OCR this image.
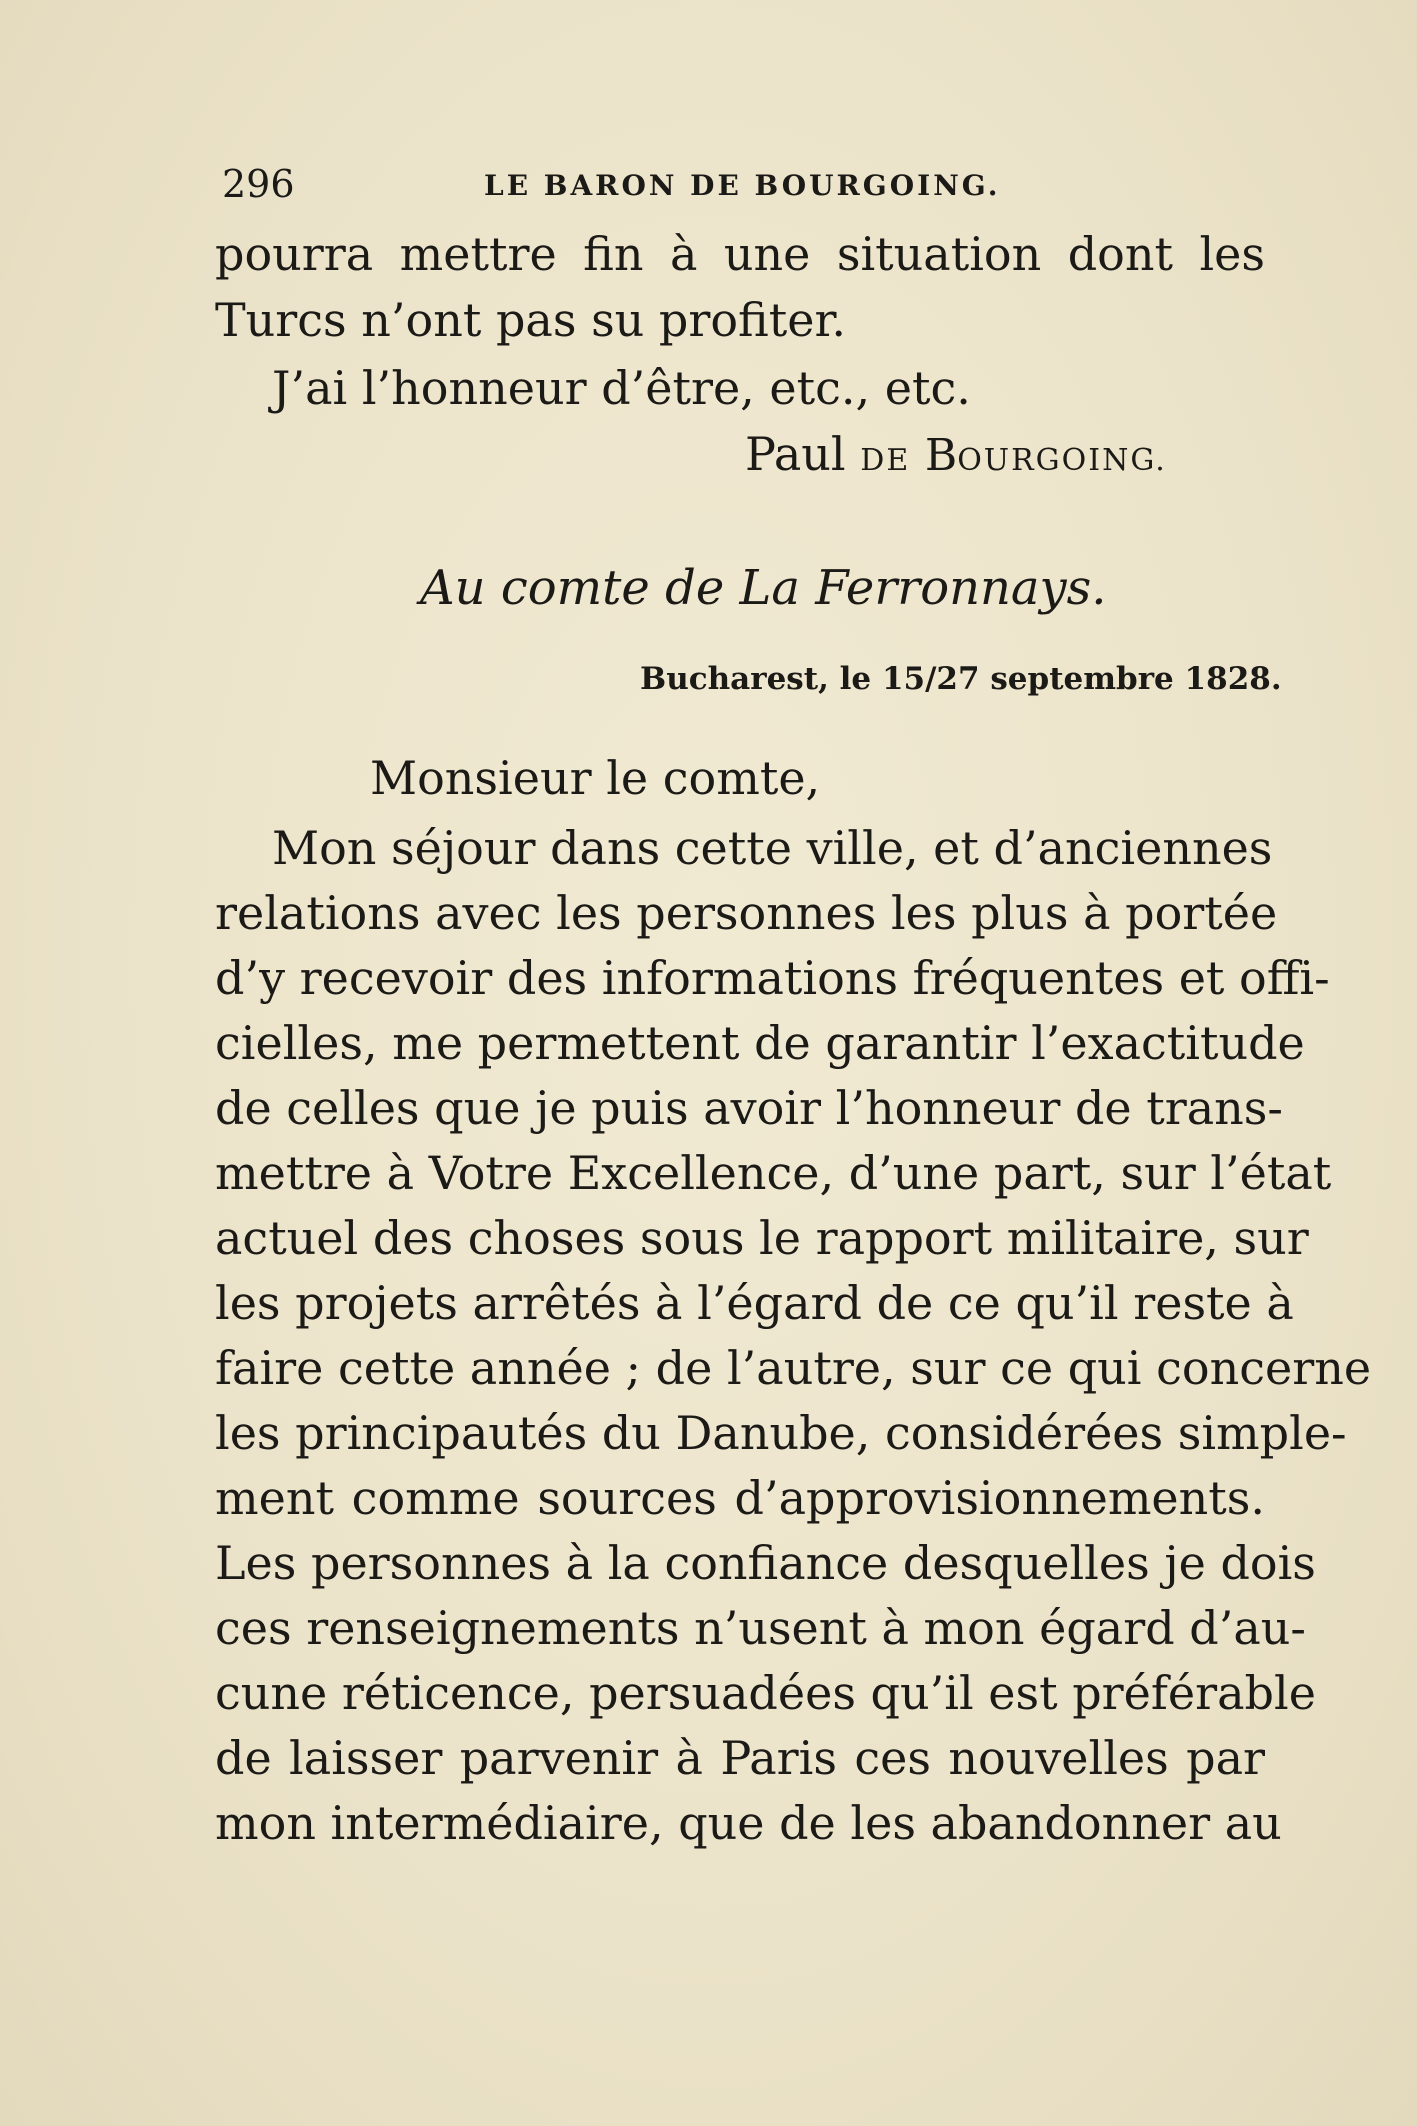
296	LE BARON DE BOURGOING.
pourra mettre fin à une situation dont les
Turcs n’ont pas su profiter.
J’ai l’honneur d’être, etc., etc.
Paul DE BOURGOING.
Au comte de La Ferronnays.
Bucharest, le 15/27 septembre 1828.
Monsieur le comte,
Mon séjour dans cette ville, et d’anciennes
relations avec les personnes les plus à portée
d’y recevoir des informations fréquentes et offi-
cielles, me permettent de garantir l’exactitude
de celles que je puis avoir l’honneur de trans-
mettre à Votre Excellence, d’une part, sur l’état
actuel des choses sous le rapport militaire, sur
les projets arrêtés à l’égard de ce qu’il reste à
faire cette année ; de l’autre, sur ce qui concerne
les principautés du Danube, considérées simple-
ment comme sources d’approvisionnements.
Les personnes à la confiance desquelles je dois
ces renseignements n’usent à mon égard d’au-
cune réticence, persuadées qu’il est préférable
de laisser parvenir à Paris ces nouvelles par
mon intermédiaire, que de les abandonner au
